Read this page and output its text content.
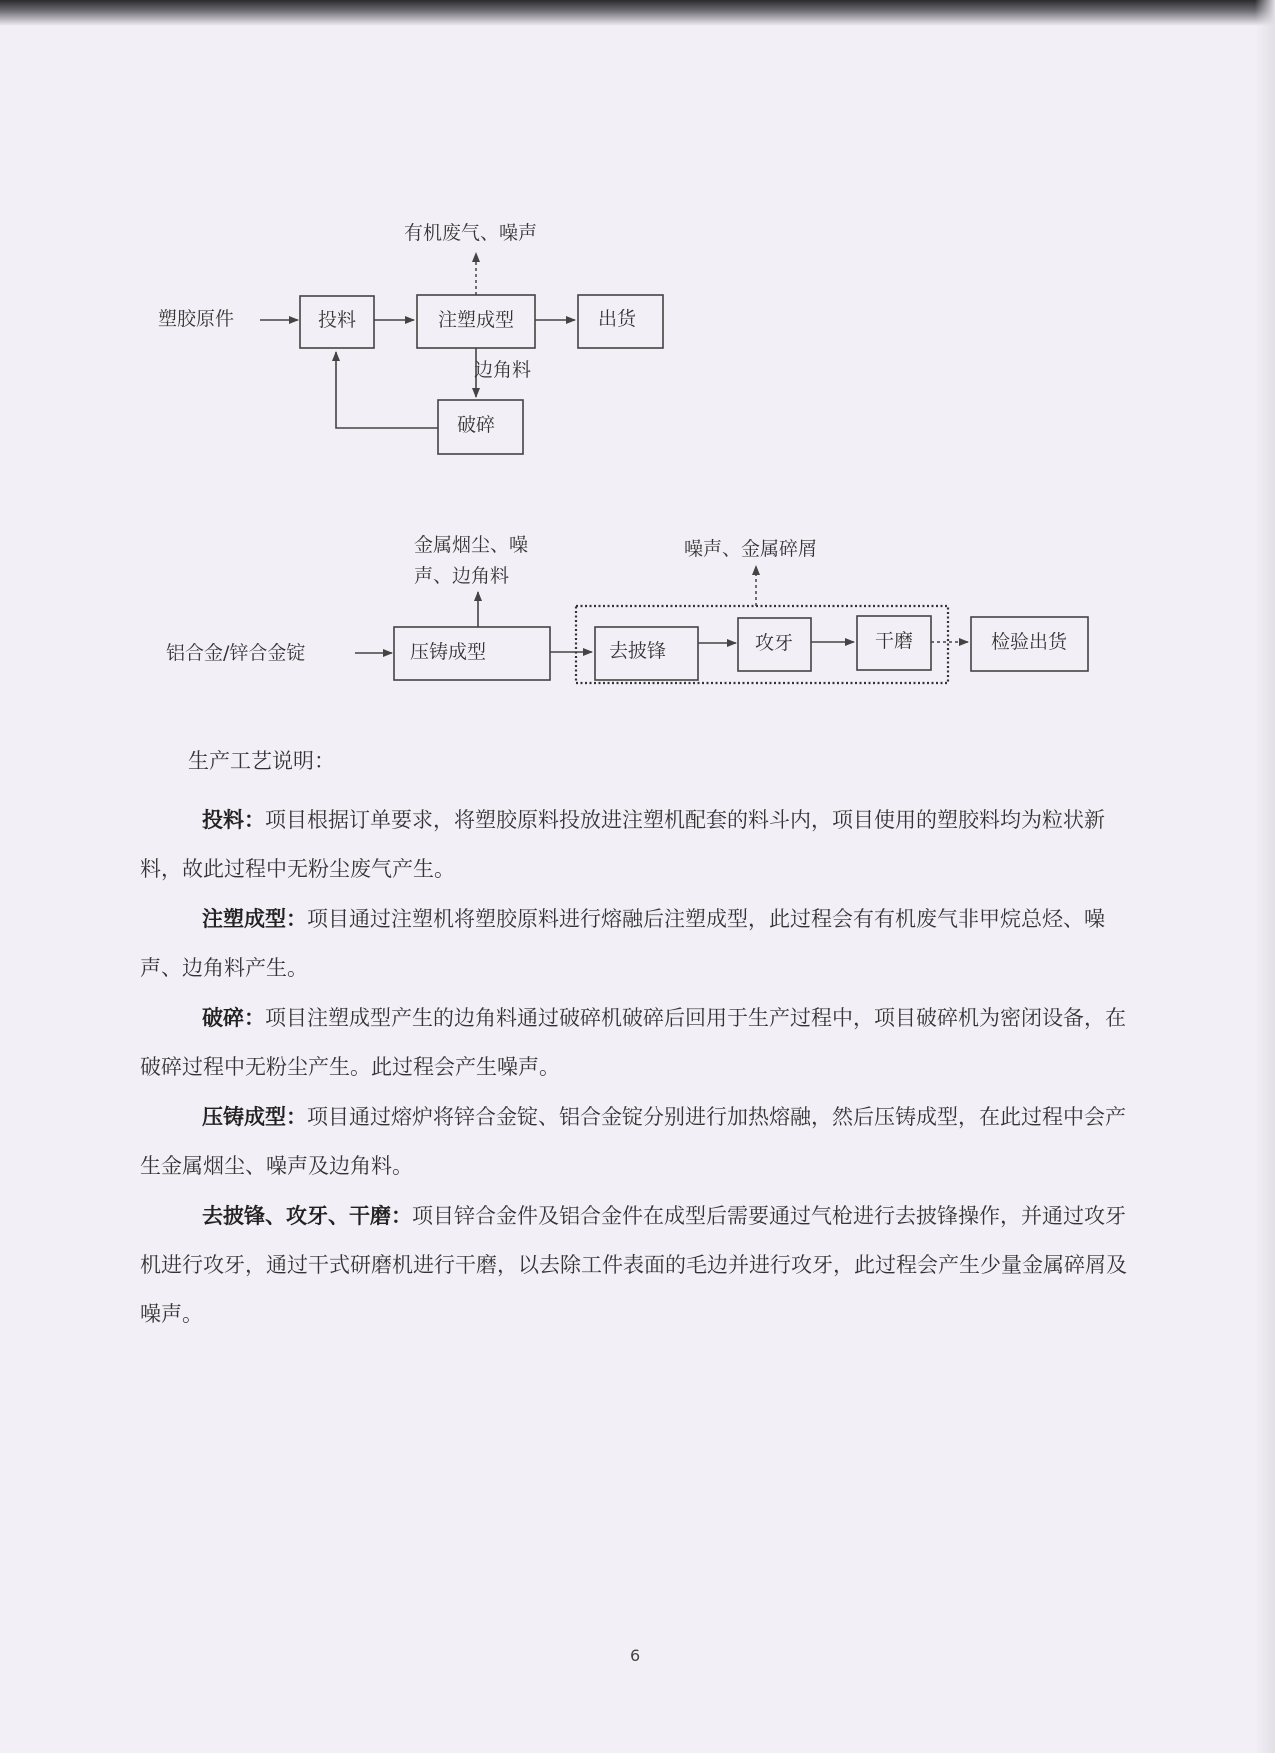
塑胶原件	投料	注塑成型	出货
有机废气、噪声
边角料
破碎
铝合金/锌合金锭	压铸成型
金属烟尘、噪
声、边角料
去披锋	攻牙	干磨	检验出货
噪声、金属碎屑
生产工艺说明：

投料：项目根据订单要求，将塑胶原料投放进注塑机配套的料斗内，项目使用的塑胶料均为粒状新料，故此过程中无粉尘废气产生。

注塑成型：项目通过注塑机将塑胶原料进行熔融后注塑成型，此过程会有有机废气非甲烷总烃、噪声、边角料产生。

破碎：项目注塑成型产生的边角料通过破碎机破碎后回用于生产过程中，项目破碎机为密闭设备，在破碎过程中无粉尘产生。此过程会产生噪声。

压铸成型：项目通过熔炉将锌合金锭、铝合金锭分别进行加热熔融，然后压铸成型，在此过程中会产生金属烟尘、噪声及边角料。

去披锋、攻牙、干磨：项目锌合金件及铝合金件在成型后需要通过气枪进行去披锋操作，并通过攻牙机进行攻牙，通过干式研磨机进行干磨，以去除工件表面的毛边并进行攻牙，此过程会产生少量金属碎屑及噪声。

6
